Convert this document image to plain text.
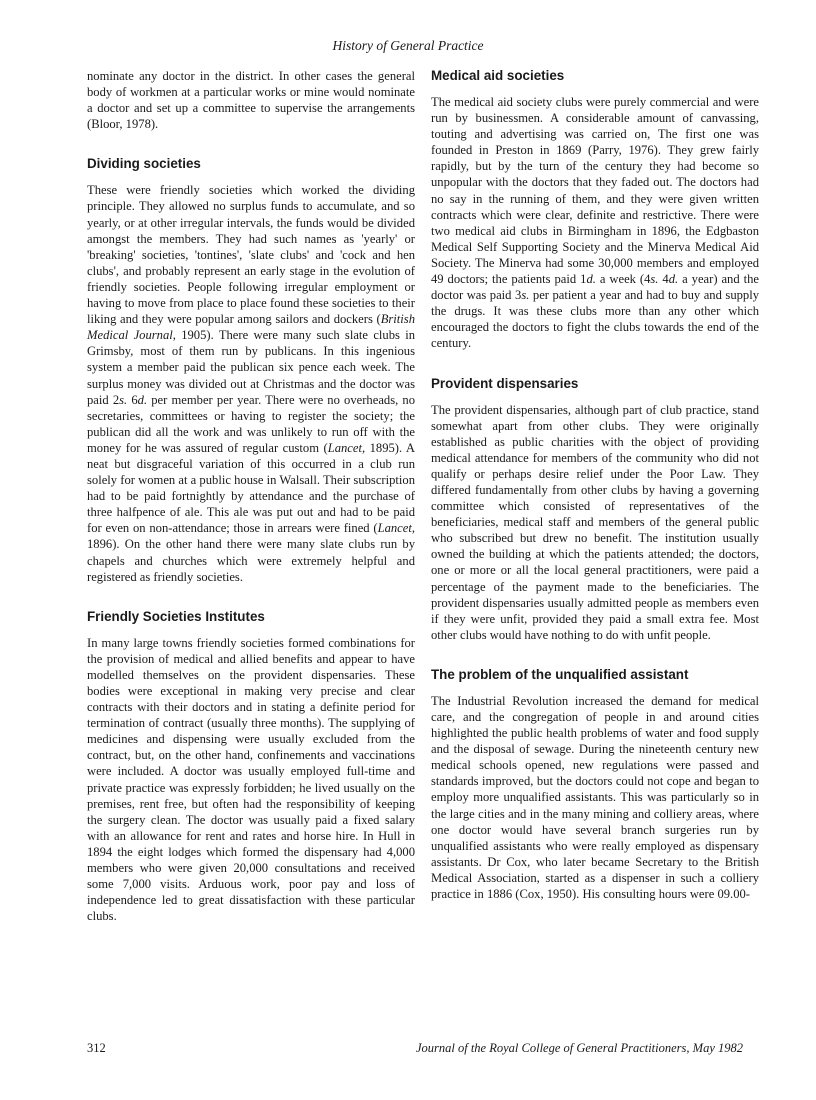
History of General Practice

nominate any doctor in the district. In other cases the general body of workmen at a particular works or mine would nominate a doctor and set up a committee to supervise the arrangements (Bloor, 1978).

Dividing societies

These were friendly societies which worked the dividing principle. They allowed no surplus funds to accumulate, and so yearly, or at other irregular intervals, the funds would be divided amongst the members. They had such names as 'yearly' or 'breaking' societies, 'tontines', 'slate clubs' and 'cock and hen clubs', and probably represent an early stage in the evolution of friendly societies. People following irregular employment or having to move from place to place found these societies to their liking and they were popular among sailors and dockers (British Medical Journal, 1905). There were many such slate clubs in Grimsby, most of them run by publicans. In this ingenious system a member paid the publican six pence each week. The surplus money was divided out at Christmas and the doctor was paid 2s. 6d. per member per year. There were no overheads, no secretaries, committees or having to register the society; the publican did all the work and was unlikely to run off with the money for he was assured of regular custom (Lancet, 1895). A neat but disgraceful variation of this occurred in a club run solely for women at a public house in Walsall. Their subscription had to be paid fortnightly by attendance and the purchase of three halfpence of ale. This ale was put out and had to be paid for even on non-attendance; those in arrears were fined (Lancet, 1896). On the other hand there were many slate clubs run by chapels and churches which were extremely helpful and registered as friendly societies.

Friendly Societies Institutes

In many large towns friendly societies formed combinations for the provision of medical and allied benefits and appear to have modelled themselves on the provident dispensaries. These bodies were exceptional in making very precise and clear contracts with their doctors and in stating a definite period for termination of contract (usually three months). The supplying of medicines and dispensing were usually excluded from the contract, but, on the other hand, confinements and vaccinations were included. A doctor was usually employed full-time and private practice was expressly forbidden; he lived usually on the premises, rent free, but often had the responsibility of keeping the surgery clean. The doctor was usually paid a fixed salary with an allowance for rent and rates and horse hire. In Hull in 1894 the eight lodges which formed the dispensary had 4,000 members who were given 20,000 consultations and received some 7,000 visits. Arduous work, poor pay and loss of independence led to great dissatisfaction with these particular clubs.

Medical aid societies

The medical aid society clubs were purely commercial and were run by businessmen. A considerable amount of canvassing, touting and advertising was carried on, The first one was founded in Preston in 1869 (Parry, 1976). They grew fairly rapidly, but by the turn of the century they had become so unpopular with the doctors that they faded out. The doctors had no say in the running of them, and they were given written contracts which were clear, definite and restrictive. There were two medical aid clubs in Birmingham in 1896, the Edgbaston Medical Self Supporting Society and the Minerva Medical Aid Society. The Minerva had some 30,000 members and employed 49 doctors; the patients paid 1d. a week (4s. 4d. a year) and the doctor was paid 3s. per patient a year and had to buy and supply the drugs. It was these clubs more than any other which encouraged the doctors to fight the clubs towards the end of the century.

Provident dispensaries

The provident dispensaries, although part of club practice, stand somewhat apart from other clubs. They were originally established as public charities with the object of providing medical attendance for members of the community who did not qualify or perhaps desire relief under the Poor Law. They differed fundamentally from other clubs by having a governing committee which consisted of representatives of the beneficiaries, medical staff and members of the general public who subscribed but drew no benefit. The institution usually owned the building at which the patients attended; the doctors, one or more or all the local general practitioners, were paid a percentage of the payment made to the beneficiaries. The provident dispensaries usually admitted people as members even if they were unfit, provided they paid a small extra fee. Most other clubs would have nothing to do with unfit people.

The problem of the unqualified assistant

The Industrial Revolution increased the demand for medical care, and the congregation of people in and around cities highlighted the public health problems of water and food supply and the disposal of sewage. During the nineteenth century new medical schools opened, new regulations were passed and standards improved, but the doctors could not cope and began to employ more unqualified assistants. This was particularly so in the large cities and in the many mining and colliery areas, where one doctor would have several branch surgeries run by unqualified assistants who were really employed as dispensary assistants. Dr Cox, who later became Secretary to the British Medical Association, started as a dispenser in such a colliery practice in 1886 (Cox, 1950). His consulting hours were 09.00-

312	Journal of the Royal College of General Practitioners, May 1982
